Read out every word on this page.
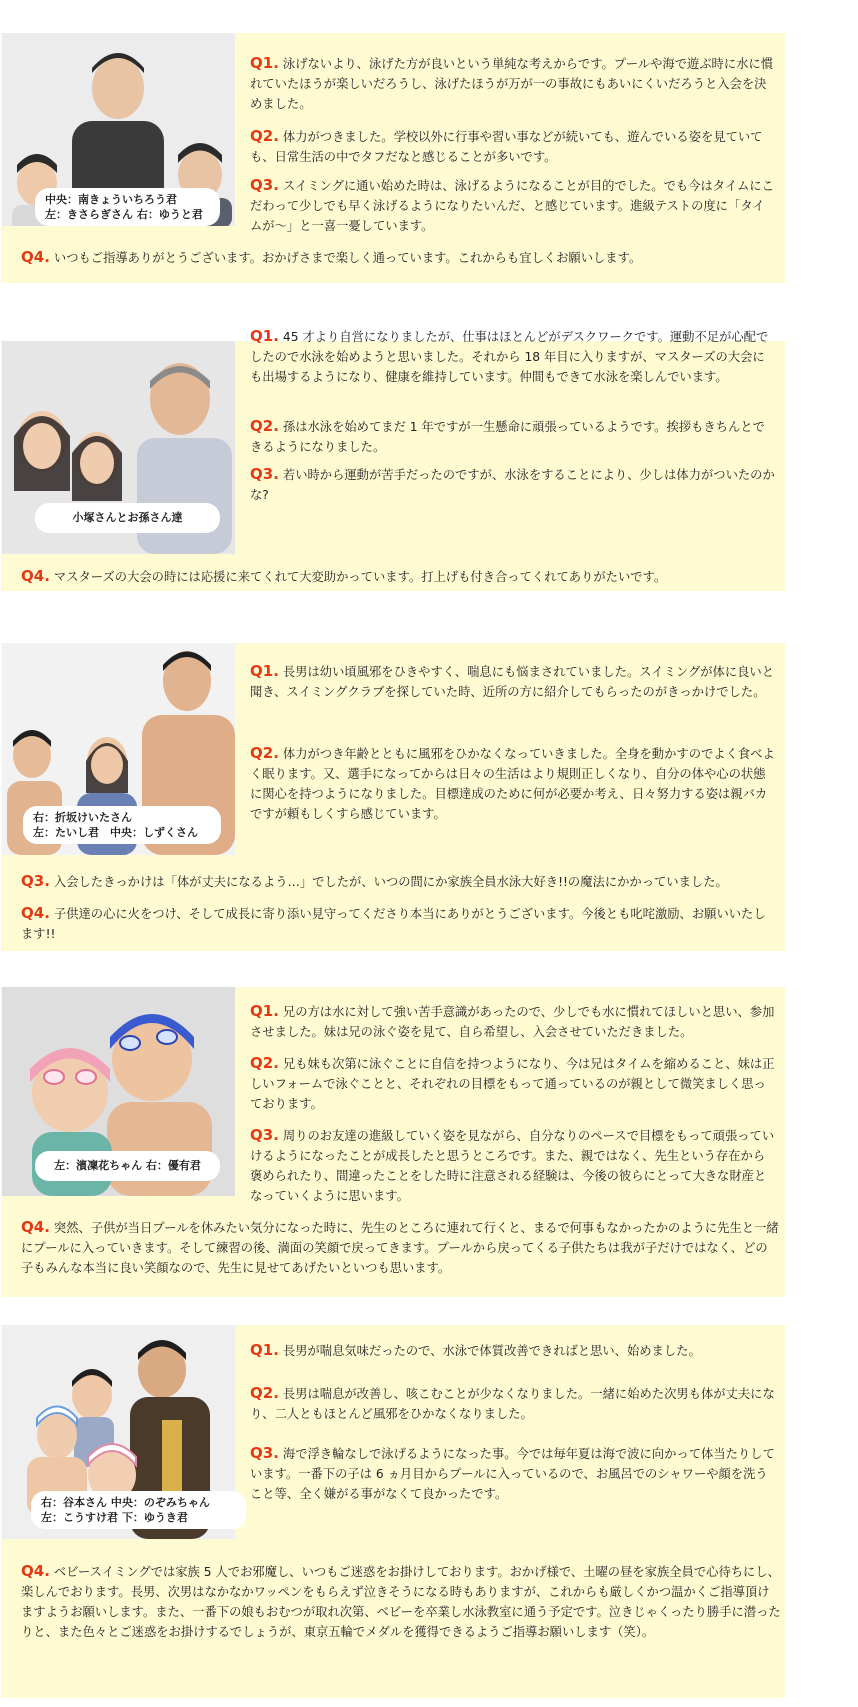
中央：南きょういちろう君
左：きさらぎさん 右：ゆうと君

Q1. 泳げないより、泳げた方が良いという単純な考えからです。プールや海で遊ぶ時に水に慣れていたほうが楽しいだろうし、泳げたほうが万が一の事故にもあいにくいだろうと入会を決めました。

Q2. 体力がつきました。学校以外に行事や習い事などが続いても、遊んでいる姿を見ていても、日常生活の中でタフだなと感じることが多いです。

Q3. スイミングに通い始めた時は、泳げるようになることが目的でした。でも今はタイムにこだわって少しでも早く泳げるようになりたいんだ、と感じています。進級テストの度に「タイムが～」と一喜一憂しています。

Q4. いつもご指導ありがとうございます。おかげさまで楽しく通っています。これからも宜しくお願いします。

小塚さんとお孫さん達

Q1. 45 才より自営になりましたが、仕事はほとんどがデスクワークです。運動不足が心配でしたので水泳を始めようと思いました。それから 18 年目に入りますが、マスターズの大会にも出場するようになり、健康を維持しています。仲間もできて水泳を楽しんでいます。

Q2. 孫は水泳を始めてまだ 1 年ですが一生懸命に頑張っているようです。挨拶もきちんとできるようになりました。

Q3. 若い時から運動が苦手だったのですが、水泳をすることにより、少しは体力がついたのかな?

Q4. マスターズの大会の時には応援に来てくれて大変助かっています。打上げも付き合ってくれてありがたいです。

右：折坂けいたさん
左：たいし君　中央：しずくさん

Q1. 長男は幼い頃風邪をひきやすく、喘息にも悩まされていました。スイミングが体に良いと聞き、スイミングクラブを探していた時、近所の方に紹介してもらったのがきっかけでした。

Q2. 体力がつき年齢とともに風邪をひかなくなっていきました。全身を動かすのでよく食べよく眠ります。又、選手になってからは日々の生活はより規則正しくなり、自分の体や心の状態に関心を持つようになりました。目標達成のために何が必要か考え、日々努力する姿は親バカですが頼もしくすら感じています。

Q3. 入会したきっかけは「体が丈夫になるよう…」でしたが、いつの間にか家族全員水泳大好き!!の魔法にかかっていました。

Q4. 子供達の心に火をつけ、そして成長に寄り添い見守ってくださり本当にありがとうございます。今後とも叱咤激励、お願いいたします!!

左：濱凜花ちゃん 右：優有君

Q1. 兄の方は水に対して強い苦手意識があったので、少しでも水に慣れてほしいと思い、参加させました。妹は兄の泳ぐ姿を見て、自ら希望し、入会させていただきました。

Q2. 兄も妹も次第に泳ぐことに自信を持つようになり、今は兄はタイムを縮めること、妹は正しいフォームで泳ぐことと、それぞれの目標をもって通っているのが親として微笑ましく思っております。

Q3. 周りのお友達の進級していく姿を見ながら、自分なりのペースで目標をもって頑張っていけるようになったことが成長したと思うところです。また、親ではなく、先生という存在から褒められたり、間違ったことをした時に注意される経験は、今後の彼らにとって大きな財産となっていくように思います。

Q4. 突然、子供が当日プールを休みたい気分になった時に、先生のところに連れて行くと、まるで何事もなかったかのように先生と一緒にプールに入っていきます。そして練習の後、満面の笑顔で戻ってきます。プールから戻ってくる子供たちは我が子だけではなく、どの子もみんな本当に良い笑顔なので、先生に見せてあげたいといつも思います。

右：谷本さん 中央：のぞみちゃん
左：こうすけ君 下：ゆうき君

Q1. 長男が喘息気味だったので、水泳で体質改善できればと思い、始めました。

Q2. 長男は喘息が改善し、咳こむことが少なくなりました。一緒に始めた次男も体が丈夫になり、二人ともほとんど風邪をひかなくなりました。

Q3. 海で浮き輪なしで泳げるようになった事。今では毎年夏は海で波に向かって体当たりしています。一番下の子は 6 ヵ月目からプールに入っているので、お風呂でのシャワーや顔を洗うこと等、全く嫌がる事がなくて良かったです。

Q4. ベビースイミングでは家族 5 人でお邪魔し、いつもご迷惑をお掛けしております。おかげ様で、土曜の昼を家族全員で心待ちにし、楽しんでおります。長男、次男はなかなかワッペンをもらえず泣きそうになる時もありますが、これからも厳しくかつ温かくご指導頂けますようお願いします。また、一番下の娘もおむつが取れ次第、ベビーを卒業し水泳教室に通う予定です。泣きじゃくったり勝手に潜ったりと、また色々とご迷惑をお掛けするでしょうが、東京五輪でメダルを獲得できるようご指導お願いします（笑）。
